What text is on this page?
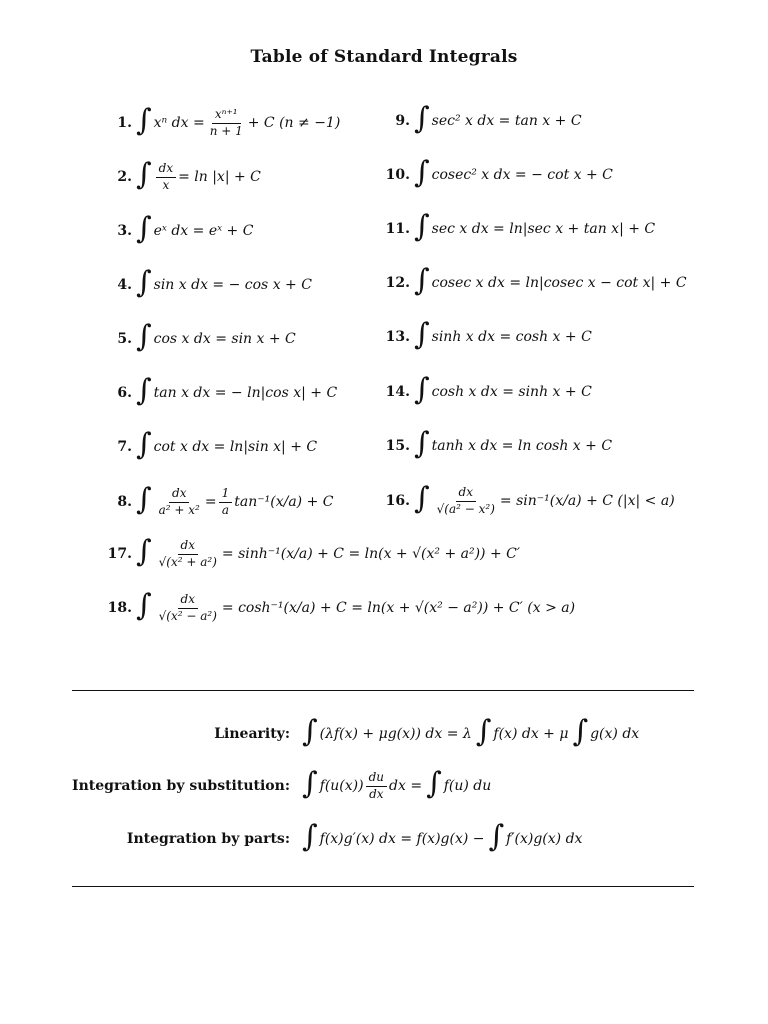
Table of Standard Integrals
1. ∫ xⁿ dx = $\frac{\text{xⁿ⁺¹}}{n + 1} + C$ (n ≠ −1)
2. ∫ $\frac{dx}{x} = \ln |x| + C$
3. ∫ eˣ dx = eˣ + C
4. ∫ sin x dx = − cos x + C
5. ∫ cos x dx = sin x + C
6. ∫ tan x dx = − ln|cos x| + C
7. ∫ cot x dx = ln|sin x| + C
8. ∫ $\frac{dx}{\text{a² + x²}} = \frac{1}{a} \tan^{-1}(x/a) + C$
9. ∫ sec² x dx = tan x + C
10. ∫ cosec² x dx = − cot x + C
11. ∫ sec x dx = ln|sec x + tan x| + C
12. ∫ cosec x dx = ln|cosec x − cot x| + C
13. ∫ sinh x dx = cosh x + C
14. ∫ cosh x dx = sinh x + C
15. ∫ tanh x dx = ln cosh x + C
16. ∫ $\frac{dx}{\text{√(a² − x²)}} = \sin^{-1}(x/a) + C$ (|x| < a)
17. ∫ $\frac{dx}{\text{√(x² + a²)}} = \sinh^{-1}(x/a) + C = \ln(x + √(x^2 + a^2)) + C'$
18. ∫ $\frac{dx}{\text{√(x² − a²)}} = \cosh^{-1}(x/a) + C = \ln(x + √(x^2 - a^2)) + C'$ (x > a)
Linearity: ∫ (λf(x) + μg(x)) dx = λ ∫ f(x) dx + μ ∫ g(x) dx
Integration by substitution: ∫ $f(u(x)) \frac{du}{dx}$ dx = ∫ f(u) du
Integration by parts: ∫ f(x)g′(x) dx = f(x)g(x) − ∫ f′(x)g(x) dx
